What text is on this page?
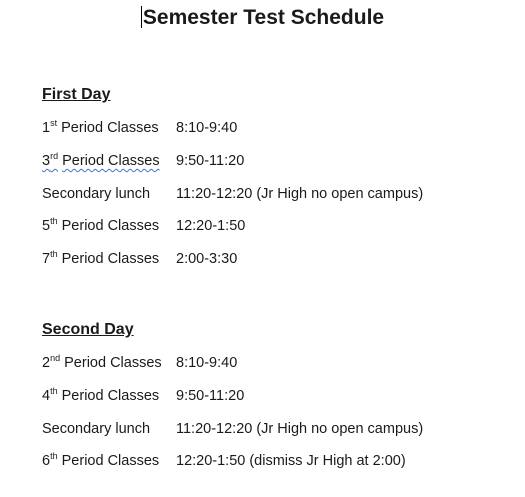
Semester Test Schedule
First Day
1st Period Classes	8:10-9:40
3rd Period Classes	9:50-11:20
Secondary lunch	11:20-12:20 (Jr High no open campus)
5th Period Classes	12:20-1:50
7th Period Classes	2:00-3:30
Second Day
2nd Period Classes 8:10-9:40
4th Period Classes	9:50-11:20
Secondary lunch	11:20-12:20 (Jr High no open campus)
6th Period Classes	12:20-1:50 (dismiss Jr High at 2:00)
